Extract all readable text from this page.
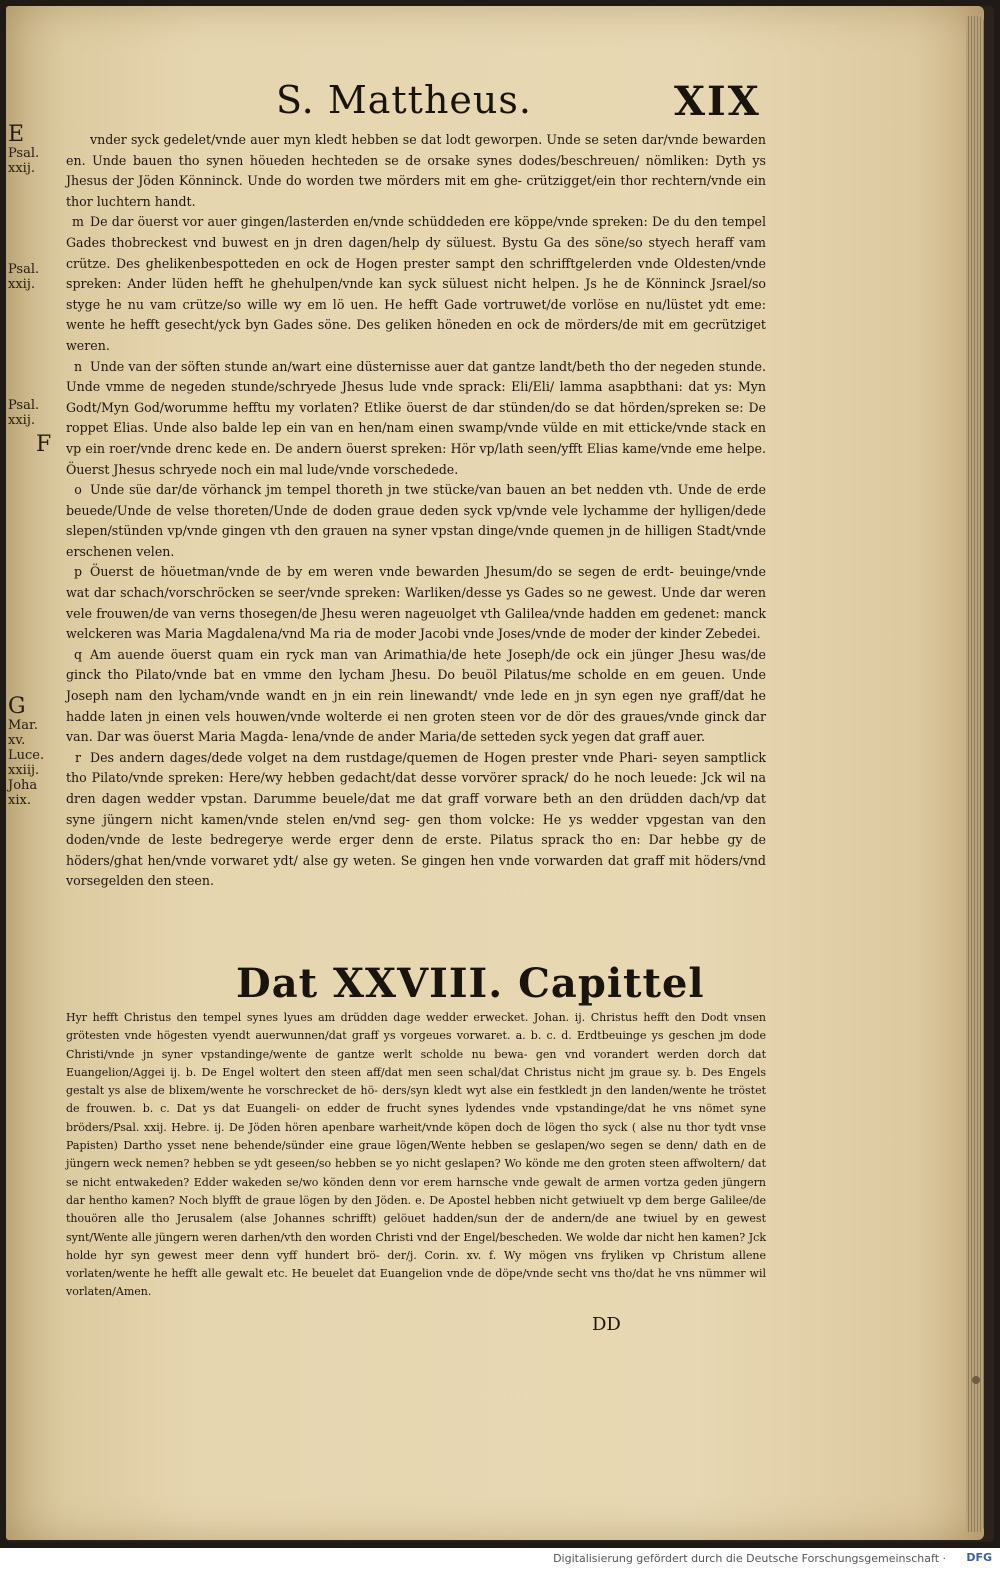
S. Mattheus.	XIX
E
Psal.
xxij.
Psal.
xxij.
Psal.
xxij.
F
G
Mar.
xv.
Luce.
xxiij.
Joha
xix.

vnder syck gedelet/vnde auer myn kledt hebben se dat lodt geworpen. Unde se seten dar/vnde bewarden en. Unde bauen tho synen höueden hechteden se de orsake synes dodes/beschreuen/ nömliken: Dyth ys Jhesus der Jöden Könninck. Unde do worden twe mörders mit em ghe- crützigget/ein thor rechtern/vnde ein thor luchtern handt.

m De dar öuerst vor auer gingen/lasterden en/vnde schüddeden ere köppe/vnde spreken: De du den tempel Gades thobreckest vnd buwest en jn dren dagen/help dy süluest. Bystu Ga des söne/so styech heraff vam crütze. Des ghelikenbespotteden en ock de Hogen prester sampt den schrifftgelerden vnde Oldesten/vnde spreken: Ander lüden hefft he ghehulpen/vnde kan syck süluest nicht helpen. Js he de Könninck Jsrael/so styge he nu vam crütze/so wille wy em lö uen. He hefft Gade vortruwet/de vorlöse en nu/lüstet ydt eme: wente he hefft gesecht/yck byn Gades söne. Des geliken höneden en ock de mörders/de mit em gecrütziget weren.

n Unde van der söften stunde an/wart eine düsternisse auer dat gantze landt/beth tho der negeden stunde. Unde vmme de negeden stunde/schryede Jhesus lude vnde sprack: Eli/Eli/ lamma asapbthani: dat ys: Myn Godt/Myn God/worumme hefftu my vorlaten? Etlike öuerst de dar stünden/do se dat hörden/spreken se: De roppet Elias. Unde also balde lep ein van en hen/nam einen swamp/vnde vülde en mit etticke/vnde stack en vp ein roer/vnde drenc kede en. De andern öuerst spreken: Hör vp/lath seen/yfft Elias kame/vnde eme helpe. Öuerst Jhesus schryede noch ein mal lude/vnde vorschedede.

o Unde süe dar/de vörhanck jm tempel thoreth jn twe stücke/van bauen an bet nedden vth. Unde de erde beuede/Unde de velse thoreten/Unde de doden graue deden syck vp/vnde vele lychamme der hylligen/dede slepen/stünden vp/vnde gingen vth den grauen na syner vpstan dinge/vnde quemen jn de hilligen Stadt/vnde erschenen velen.

p Öuerst de höuetman/vnde de by em weren vnde bewarden Jhesum/do se segen de erdt- beuinge/vnde wat dar schach/vorschröcken se seer/vnde spreken: Warliken/desse ys Gades so ne gewest. Unde dar weren vele frouwen/de van verns thosegen/de Jhesu weren nageuolget vth Galilea/vnde hadden em gedenet: manck welckeren was Maria Magdalena/vnd Ma ria de moder Jacobi vnde Joses/vnde de moder der kinder Zebedei.

q Am auende öuerst quam ein ryck man van Arimathia/de hete Joseph/de ock ein jünger Jhesu was/de ginck tho Pilato/vnde bat en vmme den lycham Jhesu. Do beuöl Pilatus/me scholde en em geuen. Unde Joseph nam den lycham/vnde wandt en jn ein rein linewandt/ vnde lede en jn syn egen nye graff/dat he hadde laten jn einen vels houwen/vnde wolterde ei nen groten steen vor de dör des graues/vnde ginck dar van. Dar was öuerst Maria Magda- lena/vnde de ander Maria/de setteden syck yegen dat graff auer.

r Des andern dages/dede volget na dem rustdage/quemen de Hogen prester vnde Phari- seyen samptlick tho Pilato/vnde spreken: Here/wy hebben gedacht/dat desse vorvörer sprack/ do he noch leuede: Jck wil na dren dagen wedder vpstan. Darumme beuele/dat me dat graff vorware beth an den drüdden dach/vp dat syne jüngern nicht kamen/vnde stelen en/vnd seg- gen thom volcke: He ys wedder vpgestan van den doden/vnde de leste bedregerye werde erger denn de erste. Pilatus sprack tho en: Dar hebbe gy de höders/ghat hen/vnde vorwaret ydt/ alse gy weten. Se gingen hen vnde vorwarden dat graff mit höders/vnd vorsegelden den steen.

Dat XXVIII. Capittel

Hyr hefft Christus den tempel synes lyues am drüdden dage wedder erwecket. Johan. ij. Christus hefft den Dodt vnsen grötesten vnde högesten vyendt auerwunnen/dat graff ys vorgeues vorwaret. a. b. c. d. Erdtbeuinge ys geschen jm dode Christi/vnde jn syner vpstandinge/wente de gantze werlt scholde nu bewa- gen vnd vorandert werden dorch dat Euangelion/Aggei ij. b. De Engel woltert den steen aff/dat men seen schal/dat Christus nicht jm graue sy. b. Des Engels gestalt ys alse de blixem/wente he vorschrecket de hö- ders/syn kledt wyt alse ein festkledt jn den landen/wente he tröstet de frouwen. b. c. Dat ys dat Euangeli- on edder de frucht synes lydendes vnde vpstandinge/dat he vns nömet syne bröders/Psal. xxij. Hebre. ij. De Jöden hören apenbare warheit/vnde köpen doch de lögen tho syck ( alse nu thor tydt vnse Papisten) Dartho ysset nene behende/sünder eine graue lögen/Wente hebben se geslapen/wo segen se denn/ dath en de jüngern weck nemen? hebben se ydt geseen/so hebben se yo nicht geslapen? Wo könde me den groten steen affwoltern/ dat se nicht entwakeden? Edder wakeden se/wo könden denn vor erem harnsche vnde gewalt de armen vortza geden jüngern dar hentho kamen? Noch blyfft de graue lögen by den Jöden. e. De Apostel hebben nicht getwiuelt vp dem berge Galilee/de thouören alle tho Jerusalem (alse Johannes schrifft) gelöuet hadden/sun der de andern/de ane twiuel by en gewest synt/Wente alle jüngern weren darhen/vth den worden Christi vnd der Engel/bescheden. We wolde dar nicht hen kamen? Jck holde hyr syn gewest meer denn vyff hundert brö- der/j. Corin. xv. f. Wy mögen vns fryliken vp Christum allene vorlaten/wente he hefft alle gewalt etc. He beuelet dat Euangelion vnde de döpe/vnde secht vns tho/dat he vns nümmer wil vorlaten/Amen.

DD
Digitalisierung gefördert durch die Deutsche Forschungsgemeinschaft · DFG
